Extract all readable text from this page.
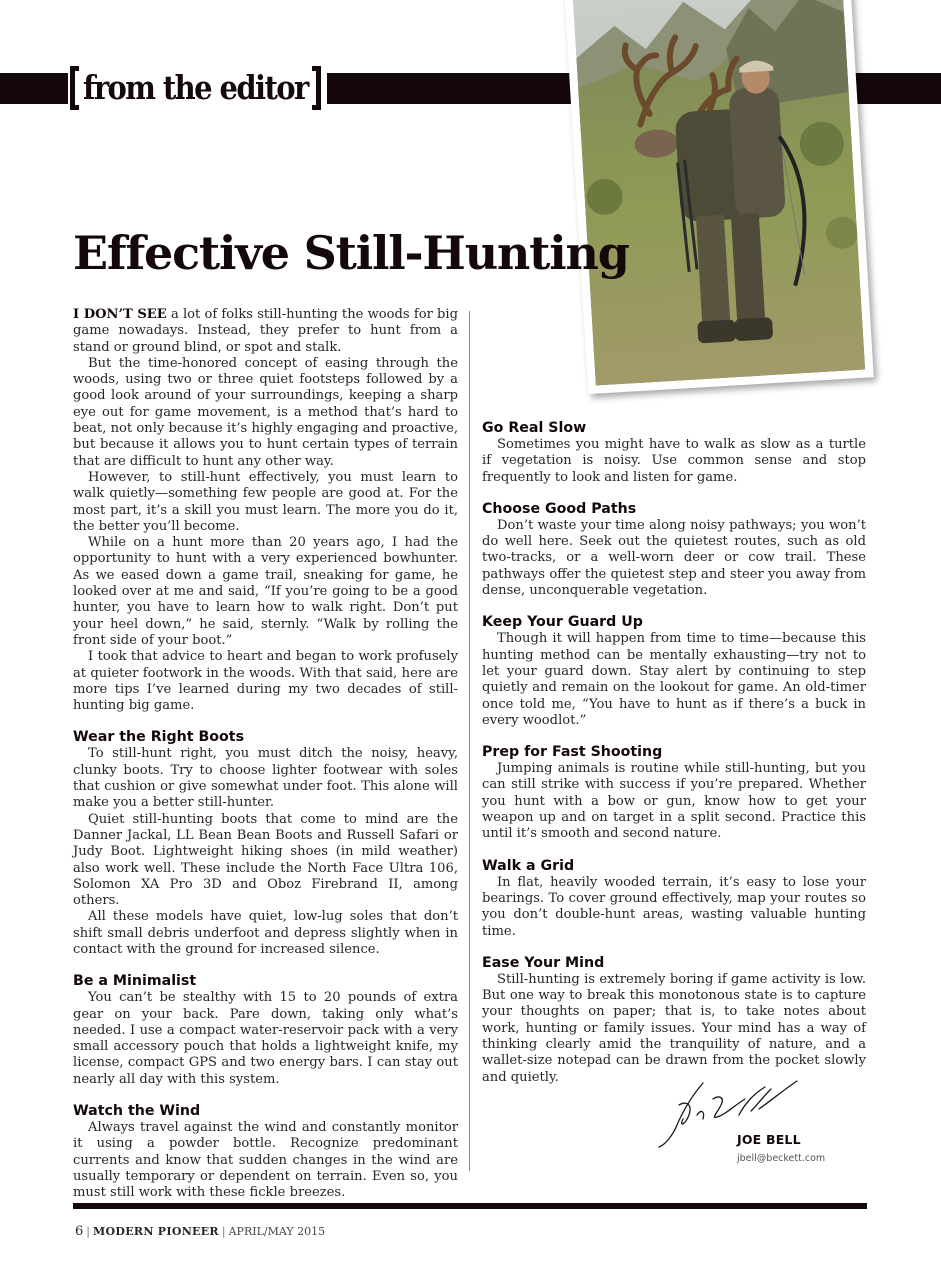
from the editor
Effective Still-Hunting

I DON’T SEE a lot of folks still-hunting the woods for big game nowadays. Instead, they prefer to hunt from a stand or ground blind, or spot and stalk.

But the time-honored concept of easing through the woods, using two or three quiet footsteps followed by a good look around of your surroundings, keeping a sharp eye out for game movement, is a method that’s hard to beat, not only because it’s highly engaging and proactive, but because it allows you to hunt certain types of terrain that are difficult to hunt any other way.

However, to still-hunt effectively, you must learn to walk quietly—something few people are good at. For the most part, it’s a skill you must learn. The more you do it, the better you’ll become.

While on a hunt more than 20 years ago, I had the opportunity to hunt with a very experienced bowhunter. As we eased down a game trail, sneaking for game, he looked over at me and said, “If you’re going to be a good hunter, you have to learn how to walk right. Don’t put your heel down,” he said, sternly. “Walk by rolling the front side of your boot.”

I took that advice to heart and began to work profusely at quieter footwork in the woods. With that said, here are more tips I’ve learned during my two decades of still-hunting big game.

Wear the Right Boots

To still-hunt right, you must ditch the noisy, heavy, clunky boots. Try to choose lighter footwear with soles that cushion or give somewhat under foot. This alone will make you a better still-hunter.

Quiet still-hunting boots that come to mind are the Danner Jackal, LL Bean Bean Boots and Russell Safari or Judy Boot. Lightweight hiking shoes (in mild weather) also work well. These include the North Face Ultra 106, Solomon XA Pro 3D and Oboz Firebrand II, among others.

All these models have quiet, low-lug soles that don’t shift small debris underfoot and depress slightly when in contact with the ground for increased silence.

Be a Minimalist

You can’t be stealthy with 15 to 20 pounds of extra gear on your back. Pare down, taking only what’s needed. I use a compact water-reservoir pack with a very small accessory pouch that holds a lightweight knife, my license, compact GPS and two energy bars. I can stay out nearly all day with this system.

Watch the Wind

Always travel against the wind and constantly monitor it using a powder bottle. Recognize predominant currents and know that sudden changes in the wind are usually temporary or dependent on terrain. Even so, you must still work with these fickle breezes.

Go Real Slow

Sometimes you might have to walk as slow as a turtle if vegetation is noisy. Use common sense and stop frequently to look and listen for game.

Choose Good Paths

Don’t waste your time along noisy pathways; you won’t do well here. Seek out the quietest routes, such as old two-tracks, or a well-worn deer or cow trail. These pathways offer the quietest step and steer you away from dense, unconquerable vegetation.

Keep Your Guard Up

Though it will happen from time to time—because this hunting method can be mentally exhausting—try not to let your guard down. Stay alert by continuing to step quietly and remain on the lookout for game. An old-timer once told me, “You have to hunt as if there’s a buck in every woodlot.”

Prep for Fast Shooting

Jumping animals is routine while still-hunting, but you can still strike with success if you’re prepared. Whether you hunt with a bow or gun, know how to get your weapon up and on target in a split second. Practice this until it’s smooth and second nature.

Walk a Grid

In flat, heavily wooded terrain, it’s easy to lose your bearings. To cover ground effectively, map your routes so you don’t double-hunt areas, wasting valuable hunting time.

Ease Your Mind

Still-hunting is extremely boring if game activity is low. But one way to break this monotonous state is to capture your thoughts on paper; that is, to take notes about work, hunting or family issues. Your mind has a way of thinking clearly amid the tranquility of nature, and a wallet-size notepad can be drawn from the pocket slowly and quietly.

JOE BELL
jbell@beckett.com
6 | MODERN PIONEER | APRIL/MAY 2015
